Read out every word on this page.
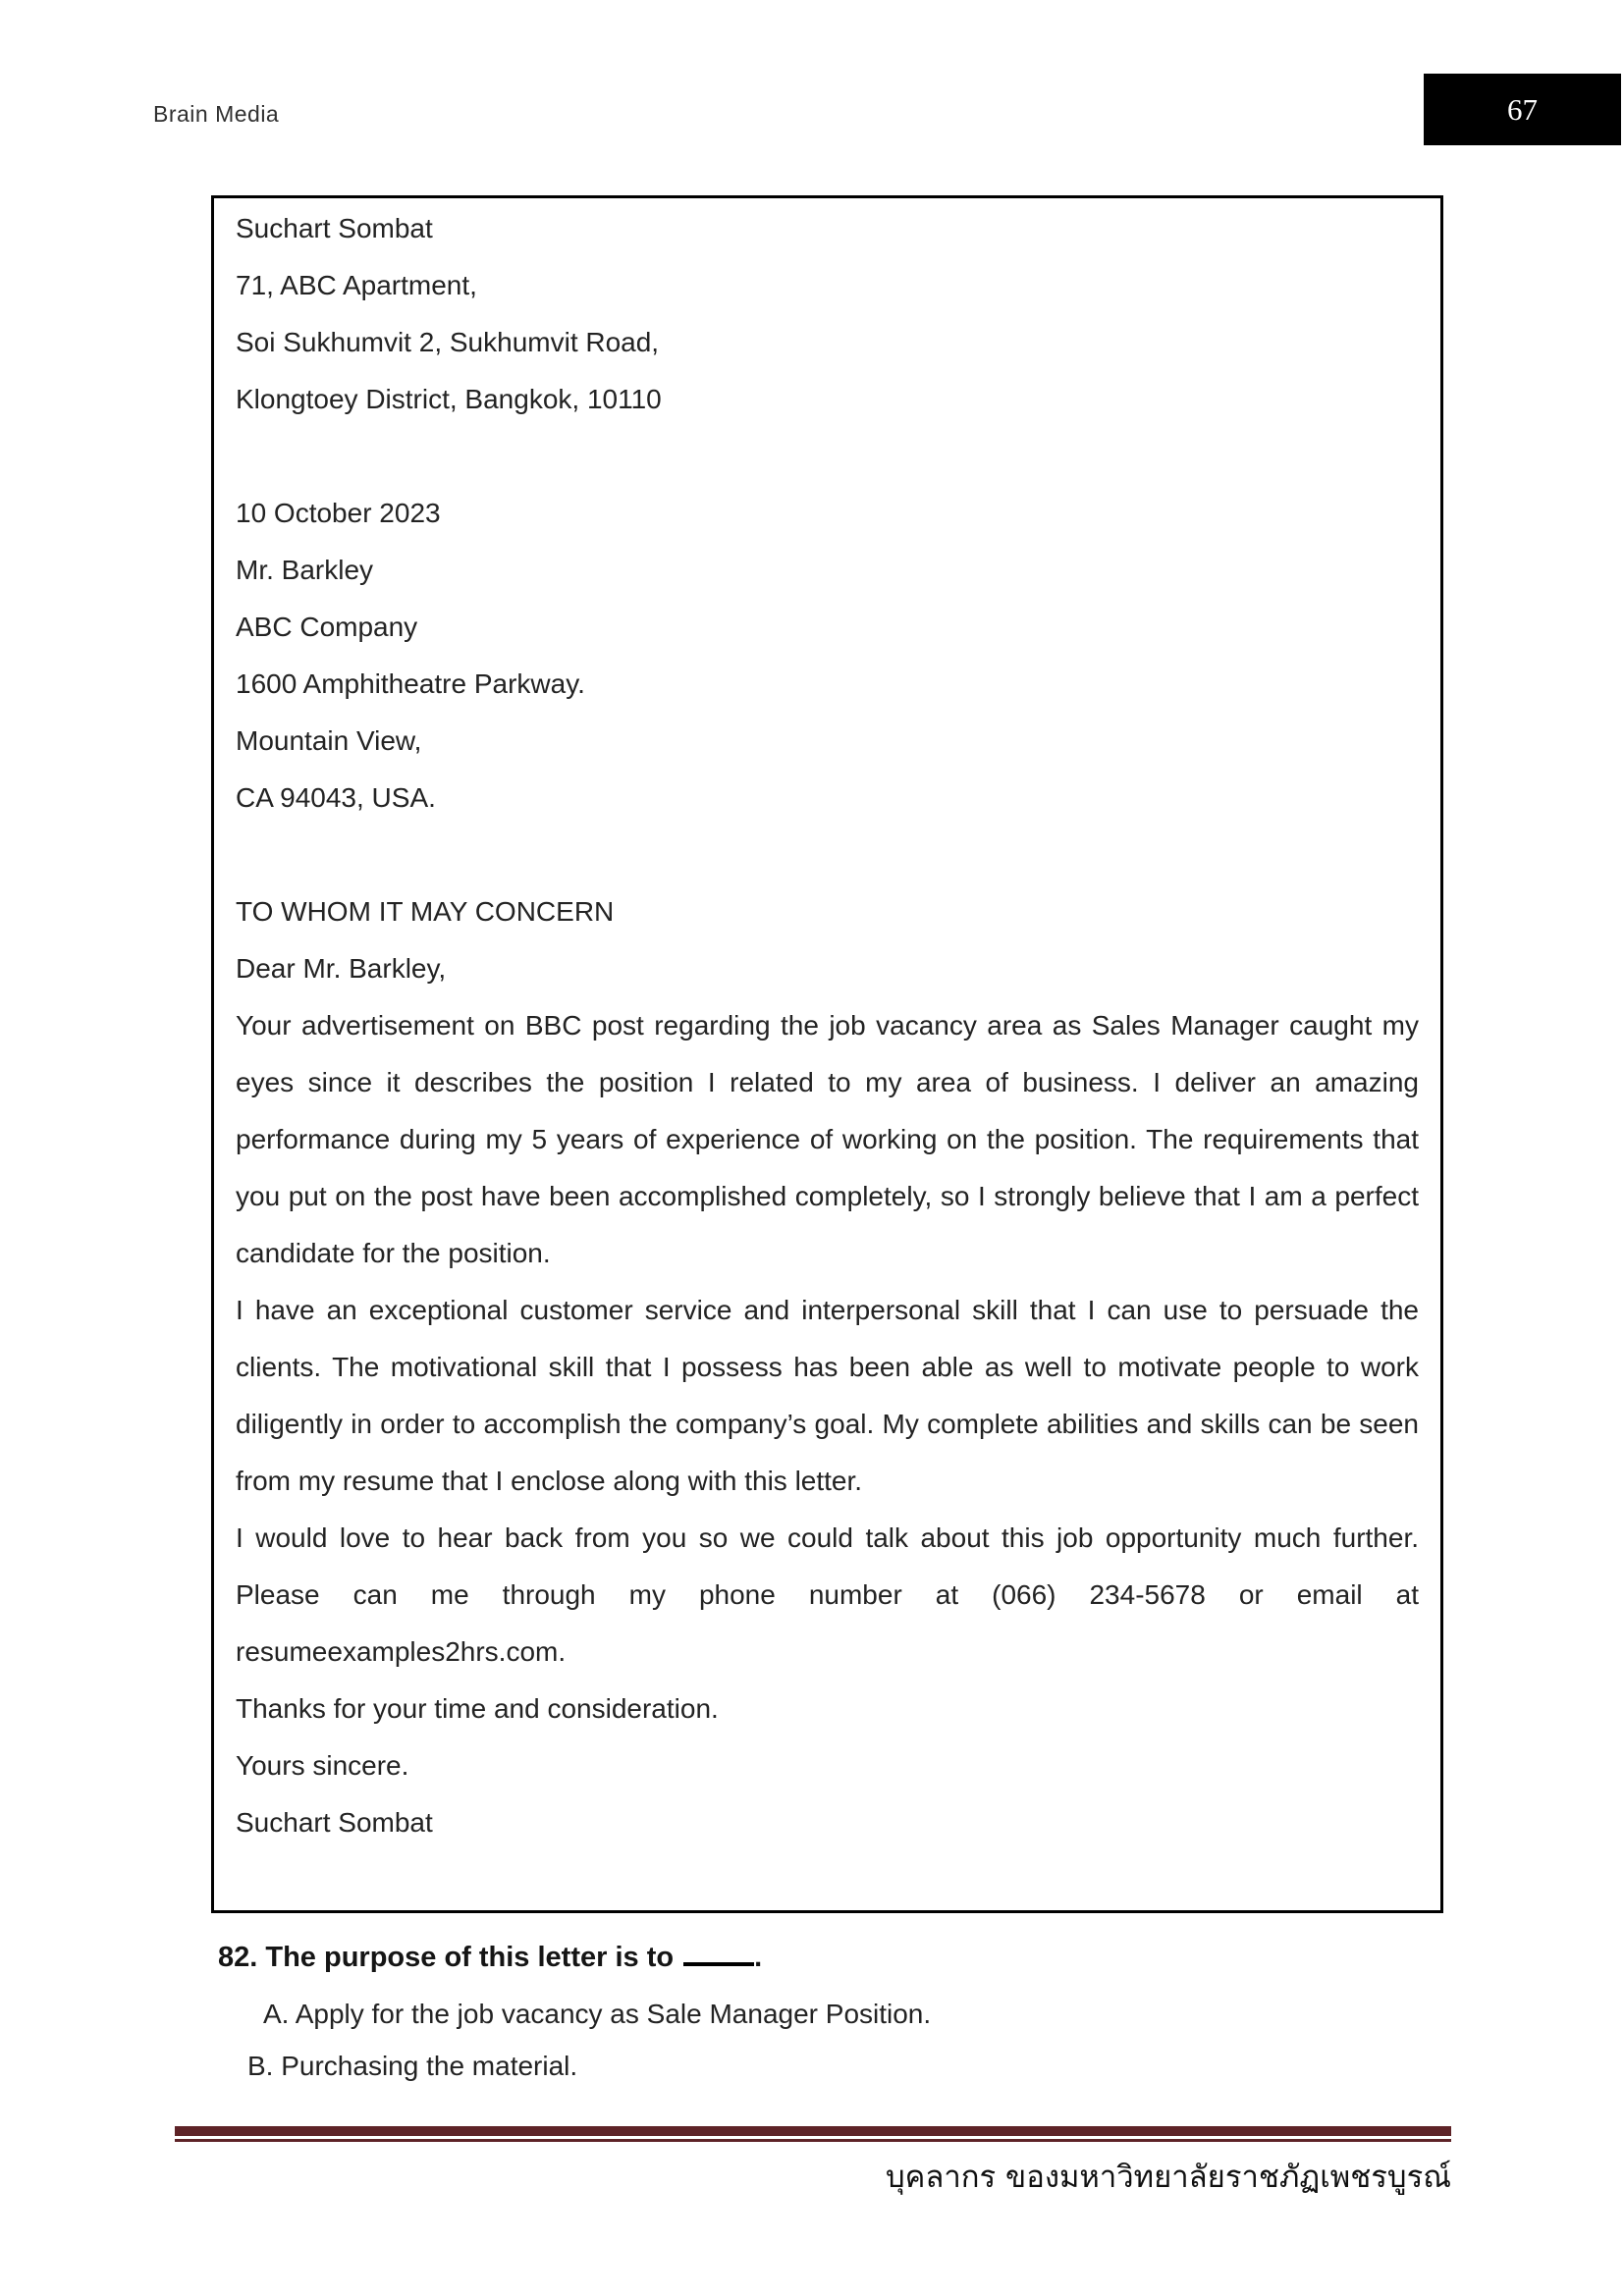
Brain Media	67
Suchart Sombat
71, ABC Apartment,
Soi Sukhumvit 2, Sukhumvit Road,
Klongtoey District, Bangkok, 10110
10 October 2023
Mr. Barkley
ABC Company
1600 Amphitheatre Parkway.
Mountain View,
CA 94043, USA.
TO WHOM IT MAY CONCERN
Dear Mr. Barkley,

Your advertisement on BBC post regarding the job vacancy area as Sales Manager caught my eyes since it describes the position I related to my area of business. I deliver an amazing performance during my 5 years of experience of working on the position. The requirements that you put on the post have been accomplished completely, so I strongly believe that I am a perfect candidate for the position.

I have an exceptional customer service and interpersonal skill that I can use to persuade the clients. The motivational skill that I possess has been able as well to motivate people to work diligently in order to accomplish the company’s goal. My complete abilities and skills can be seen from my resume that I enclose along with this letter.

I would love to hear back from you so we could talk about this job opportunity much further. Please can me through my phone number at (066) 234-5678 or email at resumeexamples2hrs.com.

Thanks for your time and consideration.
Yours sincere.
Suchart Sombat
82. The purpose of this letter is to	.
A. Apply for the job vacancy as Sale Manager Position.
B. Purchasing the material.
บุคลากร ของมหาวิทยาลัยราชภัฏเพชรบูรณ์
